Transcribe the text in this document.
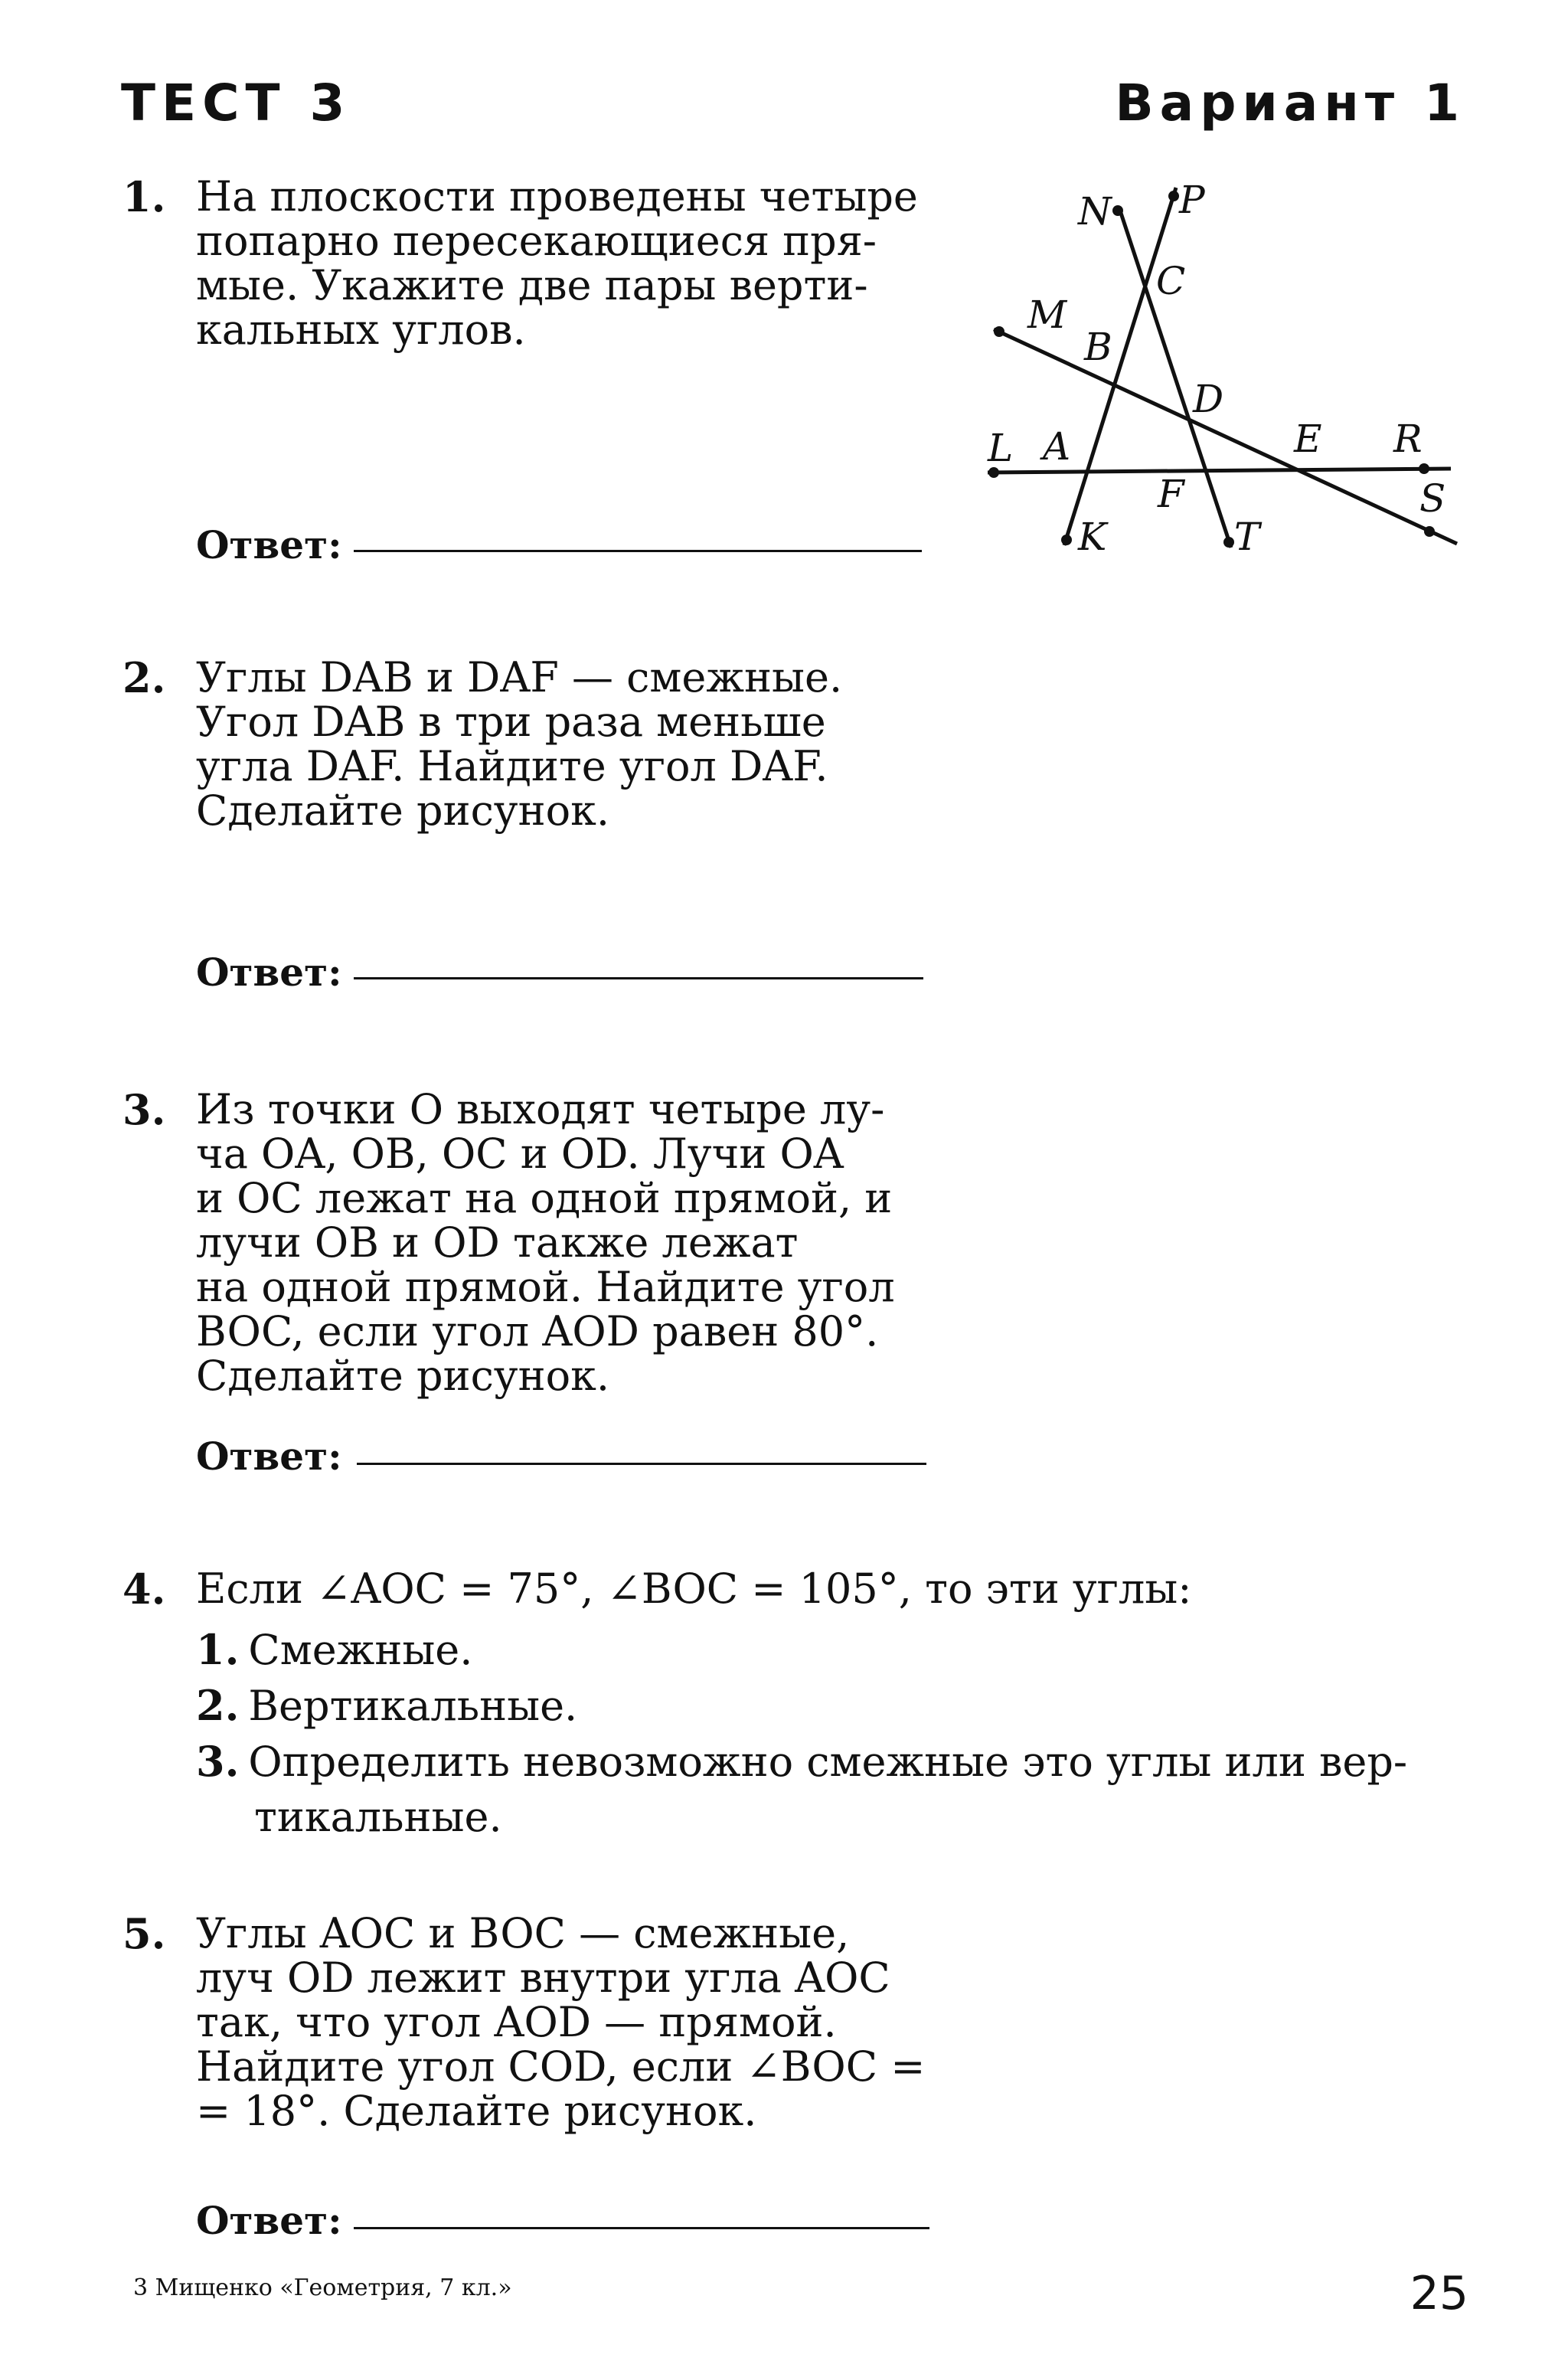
ТЕСТ 3	Вариант 1
1. На плоскости проведены четыре
попарно пересекающиеся пря-
мые. Укажите две пары верти-
кальных углов.
Ответ:
N P
C
M
B
D
L A	E R
F	S
K	T
2. Углы DAB и DAF — смежные.
Угол DAB в три раза меньше
угла DAF. Найдите угол DAF.
Сделайте рисунок.
Ответ:
3. Из точки O выходят четыре лу-
ча OA, OB, OC и OD. Лучи OA
и OC лежат на одной прямой, и
лучи OB и OD также лежат
на одной прямой. Найдите угол
BOC, если угол AOD равен 80°.
Сделайте рисунок.
Ответ:
4. Если ∠AOC = 75°, ∠BOC = 105°, то эти углы:
1. Смежные.
2. Вертикальные.
3. Определить невозможно смежные это углы или вер-
тикальные.
5. Углы AOC и BOC — смежные,
луч OD лежит внутри угла AOC
так, что угол AOD — прямой.
Найдите угол COD, если ∠BOC =
= 18°. Сделайте рисунок.
Ответ:
3 Мищенко «Геометрия, 7 кл.»	25
